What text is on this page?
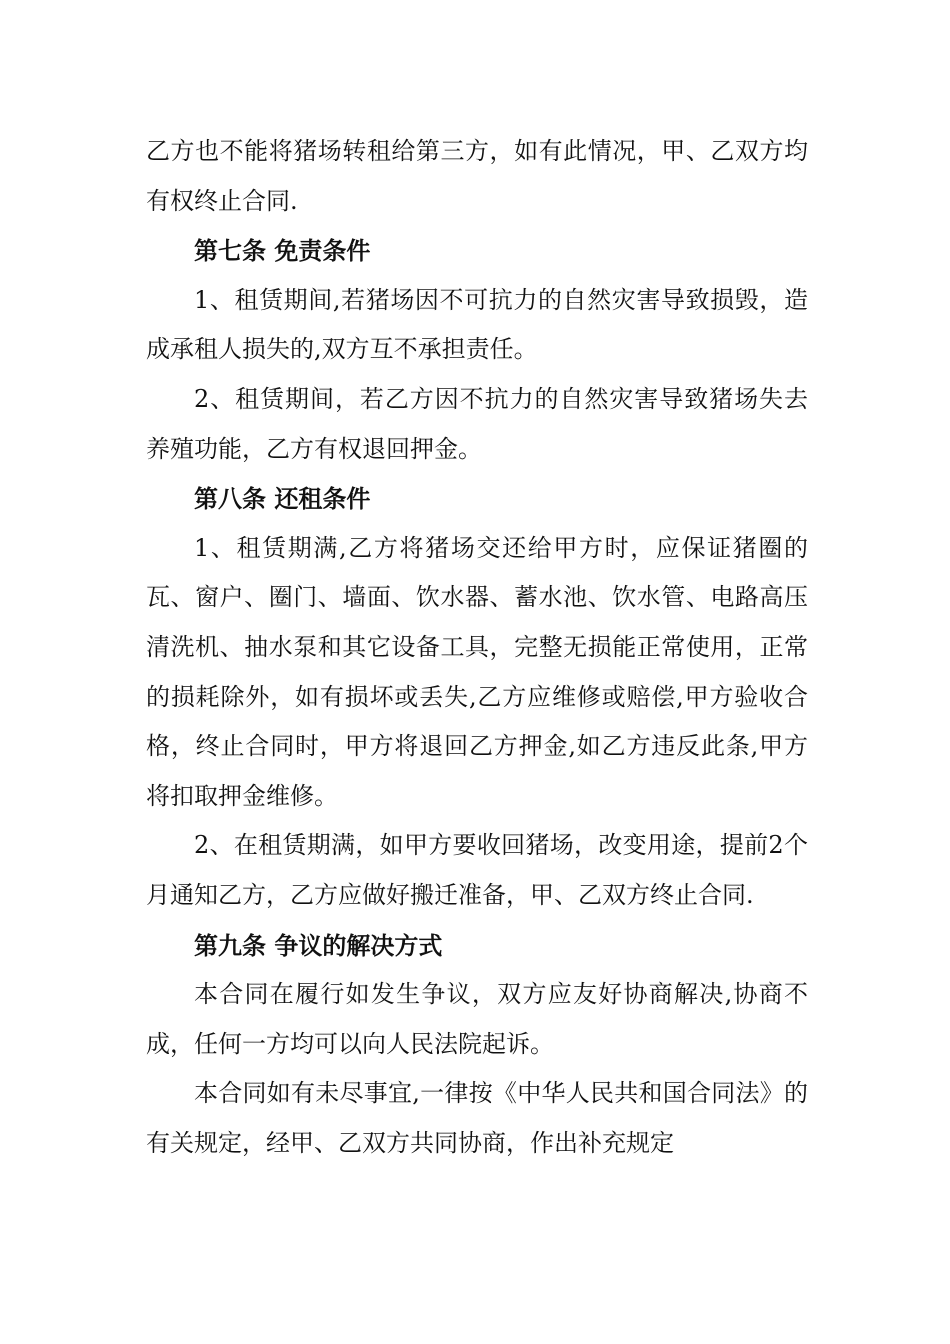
乙方也不能将猪场转租给第三方，如有此情况，甲、乙双方均有权终止合同.

第七条 免责条件

1、租赁期间,若猪场因不可抗力的自然灾害导致损毁，造成承租人损失的,双方互不承担责任。

2、租赁期间，若乙方因不抗力的自然灾害导致猪场失去养殖功能，乙方有权退回押金。

第八条 还租条件

1、租赁期满,乙方将猪场交还给甲方时，应保证猪圈的瓦、窗户、圈门、墙面、饮水器、蓄水池、饮水管、电路高压清洗机、抽水泵和其它设备工具，完整无损能正常使用，正常的损耗除外，如有损坏或丢失,乙方应维修或赔偿,甲方验收合格，终止合同时，甲方将退回乙方押金,如乙方违反此条,甲方将扣取押金维修。

2、在租赁期满，如甲方要收回猪场，改变用途，提前2个月通知乙方，乙方应做好搬迁准备，甲、乙双方终止合同.

第九条 争议的解决方式

本合同在履行如发生争议，双方应友好协商解决,协商不成，任何一方均可以向人民法院起诉。

本合同如有未尽事宜,一律按《中华人民共和国合同法》的有关规定，经甲、乙双方共同协商，作出补充规定
